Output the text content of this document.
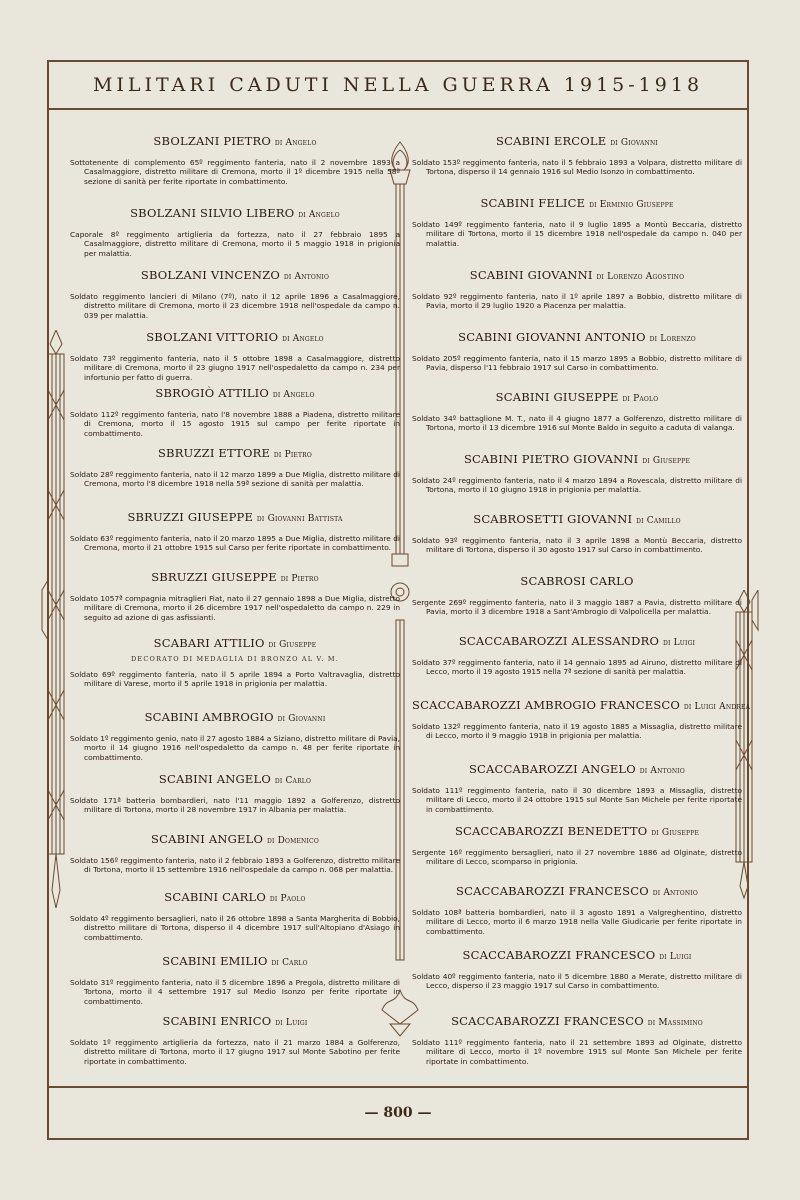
MILITARI CADUTI NELLA GUERRA 1915-1918
SBOLZANI PIETRO di Angelo
Sottotenente di complemento 65º reggimento fanteria, nato il 2 novembre 1893 a Casalmaggiore, distretto militare di Cremona, morto il 1º dicembre 1915 nella 58ª sezione di sanità per ferite riportate in combattimento.
SBOLZANI SILVIO LIBERO di Angelo
Caporale 8º reggimento artiglieria da fortezza, nato il 27 febbraio 1895 a Casalmaggiore, distretto militare di Cremona, morto il 5 maggio 1918 in prigionia per malattia.
SBOLZANI VINCENZO di Antonio
Soldato reggimento lancieri di Milano (7º), nato il 12 aprile 1896 a Casalmaggiore, distretto militare di Cremona, morto il 23 dicembre 1918 nell'ospedale da campo n. 039 per malattia.
SBOLZANI VITTORIO di Angelo
Soldato 73º reggimento fanteria, nato il 5 ottobre 1898 a Casalmaggiore, distretto militare di Cremona, morto il 23 giugno 1917 nell'ospedaletto da campo n. 234 per infortunio per fatto di guerra.
SBROGIÒ ATTILIO di Angelo
Soldato 112º reggimento fanteria, nato l'8 novembre 1888 a Piadena, distretto militare di Cremona, morto il 15 agosto 1915 sul campo per ferite riportate in combattimento.
SBRUZZI ETTORE di Pietro
Soldato 28º reggimento fanteria, nato il 12 marzo 1899 a Due Miglia, distretto militare di Cremona, morto l'8 dicembre 1918 nella 59ª sezione di sanità per malattia.
SBRUZZI GIUSEPPE di Giovanni Battista
Soldato 63º reggimento fanteria, nato il 20 marzo 1895 a Due Miglia, distretto militare di Cremona, morto il 21 ottobre 1915 sul Carso per ferite riportate in combattimento.
SBRUZZI GIUSEPPE di Pietro
Soldato 1057ª compagnia mitraglieri Fiat, nato il 27 gennaio 1898 a Due Miglia, distretto militare di Cremona, morto il 26 dicembre 1917 nell'ospedaletto da campo n. 229 in seguito ad azione di gas asfissianti.
SCABARI ATTILIO di Giuseppe
DECORATO DI MEDAGLIA DI BRONZO AL V. M.
Soldato 69º reggimento fanteria, nato il 5 aprile 1894 a Porto Valtravaglia, distretto militare di Varese, morto il 5 aprile 1918 in prigionia per malattia.
SCABINI AMBROGIO di Giovanni
Soldato 1º reggimento genio, nato il 27 agosto 1884 a Siziano, distretto militare di Pavia, morto il 14 giugno 1916 nell'ospedaletto da campo n. 48 per ferite riportate in combattimento.
SCABINI ANGELO di Carlo
Soldato 171ª batteria bombardieri, nato l'11 maggio 1892 a Golferenzo, distretto militare di Tortona, morto il 28 novembre 1917 in Albania per malattia.
SCABINI ANGELO di Domenico
Soldato 156º reggimento fanteria, nato il 2 febbraio 1893 a Golferenzo, distretto militare di Tortona, morto il 15 settembre 1916 nell'ospedale da campo n. 068 per malattia.
SCABINI CARLO di Paolo
Soldato 4º reggimento bersaglieri, nato il 26 ottobre 1898 a Santa Margherita di Bobbio, distretto militare di Tortona, disperso il 4 dicembre 1917 sull'Altopiano d'Asiago in combattimento.
SCABINI EMILIO di Carlo
Soldato 31º reggimento fanteria, nato il 5 dicembre 1896 a Pregola, distretto militare di Tortona, morto il 4 settembre 1917 sul Medio Isonzo per ferite riportate in combattimento.
SCABINI ENRICO di Luigi
Soldato 1º reggimento artiglieria da fortezza, nato il 21 marzo 1884 a Golferenzo, distretto militare di Tortona, morto il 17 giugno 1917 sul Monte Sabotino per ferite riportate in combattimento.
SCABINI ERCOLE di Giovanni
Soldato 153º reggimento fanteria, nato il 5 febbraio 1893 a Volpara, distretto militare di Tortona, disperso il 14 gennaio 1916 sul Medio Isonzo in combattimento.
SCABINI FELICE di Erminio Giuseppe
Soldato 149º reggimento fanteria, nato il 9 luglio 1895 a Montù Beccaria, distretto militare di Tortona, morto il 15 dicembre 1918 nell'ospedale da campo n. 040 per malattia.
SCABINI GIOVANNI di Lorenzo Agostino
Soldato 92º reggimento fanteria, nato il 1º aprile 1897 a Bobbio, distretto militare di Pavia, morto il 29 luglio 1920 a Piacenza per malattia.
SCABINI GIOVANNI ANTONIO di Lorenzo
Soldato 205º reggimento fanteria, nato il 15 marzo 1895 a Bobbio, distretto militare di Pavia, disperso l'11 febbraio 1917 sul Carso in combattimento.
SCABINI GIUSEPPE di Paolo
Soldato 34º battaglione M. T., nato il 4 giugno 1877 a Golferenzo, distretto militare di Tortona, morto il 13 dicembre 1916 sul Monte Baldo in seguito a caduta di valanga.
SCABINI PIETRO GIOVANNI di Giuseppe
Soldato 24º reggimento fanteria, nato il 4 marzo 1894 a Rovescala, distretto militare di Tortona, morto il 10 giugno 1918 in prigionia per malattia.
SCABROSETTI GIOVANNI di Camillo
Soldato 93º reggimento fanteria, nato il 3 aprile 1898 a Montù Beccaria, distretto militare di Tortona, disperso il 30 agosto 1917 sul Carso in combattimento.
SCABROSI CARLO
Sergente 269º reggimento fanteria, nato il 3 maggio 1887 a Pavia, distretto militare di Pavia, morto il 3 dicembre 1918 a Sant'Ambrogio di Valpolicella per malattia.
SCACCABAROZZI ALESSANDRO di Luigi
Soldato 37º reggimento fanteria, nato il 14 gennaio 1895 ad Airuno, distretto militare di Lecco, morto il 19 agosto 1915 nella 7ª sezione di sanità per malattia.
SCACCABAROZZI AMBROGIO FRANCESCO di Luigi Andrea
Soldato 132º reggimento fanteria, nato il 19 agosto 1885 a Missaglia, distretto militare di Lecco, morto il 9 maggio 1918 in prigionia per malattia.
SCACCABAROZZI ANGELO di Antonio
Soldato 111º reggimento fanteria, nato il 30 dicembre 1893 a Missaglia, distretto militare di Lecco, morto il 24 ottobre 1915 sul Monte San Michele per ferite riportate in combattimento.
SCACCABAROZZI BENEDETTO di Giuseppe
Sergente 16º reggimento bersaglieri, nato il 27 novembre 1886 ad Olginate, distretto militare di Lecco, scomparso in prigionia.
SCACCABAROZZI FRANCESCO di Antonio
Soldato 108ª batteria bombardieri, nato il 3 agosto 1891 a Valgreghentino, distretto militare di Lecco, morto il 6 marzo 1918 nella Valle Giudicarie per ferite riportate in combattimento.
SCACCABAROZZI FRANCESCO di Luigi
Soldato 40º reggimento fanteria, nato il 5 dicembre 1880 a Merate, distretto militare di Lecco, disperso il 23 maggio 1917 sul Carso in combattimento.
SCACCABAROZZI FRANCESCO di Massimino
Soldato 111º reggimento fanteria, nato il 21 settembre 1893 ad Olginate, distretto militare di Lecco, morto il 1º novembre 1915 sul Monte San Michele per ferite riportate in combattimento.
— 800 —
